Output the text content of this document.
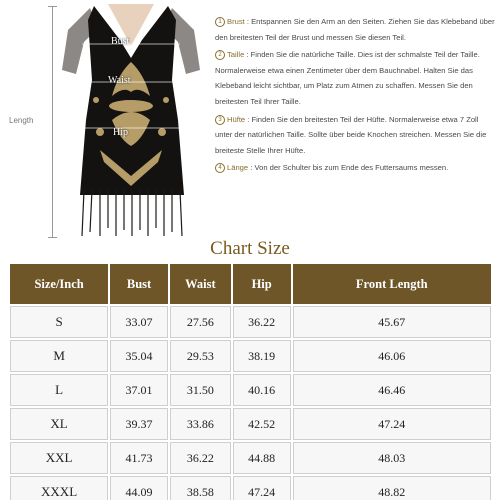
Length
Bust
Waist
Hip
1 Brust : Entspannen Sie den Arm an den Seiten. Ziehen Sie das Klebeband über den breitesten Teil der Brust und messen Sie diesen Teil.
2 Taille : Finden Sie die natürliche Taille. Dies ist der schmalste Teil der Taille. Normalerweise etwa einen Zentimeter über dem Bauchnabel. Halten Sie das Klebeband leicht sichtbar, um Platz zum Atmen zu schaffen. Messen Sie den breitesten Teil Ihrer Taille.
3 Hüfte : Finden Sie den breitesten Teil der Hüfte. Normalerweise etwa 7 Zoll unter der natürlichen Taille. Sollte über beide Knochen streichen. Messen Sie die breiteste Stelle Ihrer Hüfte.
4 Länge : Von der Schulter bis zum Ende des Futtersaums messen.
Chart Size
Size/Inch	Bust	Waist	Hip	Front Length
S	33.07	27.56	36.22	45.67
M	35.04	29.53	38.19	46.06
L	37.01	31.50	40.16	46.46
XL	39.37	33.86	42.52	47.24
XXL	41.73	36.22	44.88	48.03
XXXL	44.09	38.58	47.24	48.82
